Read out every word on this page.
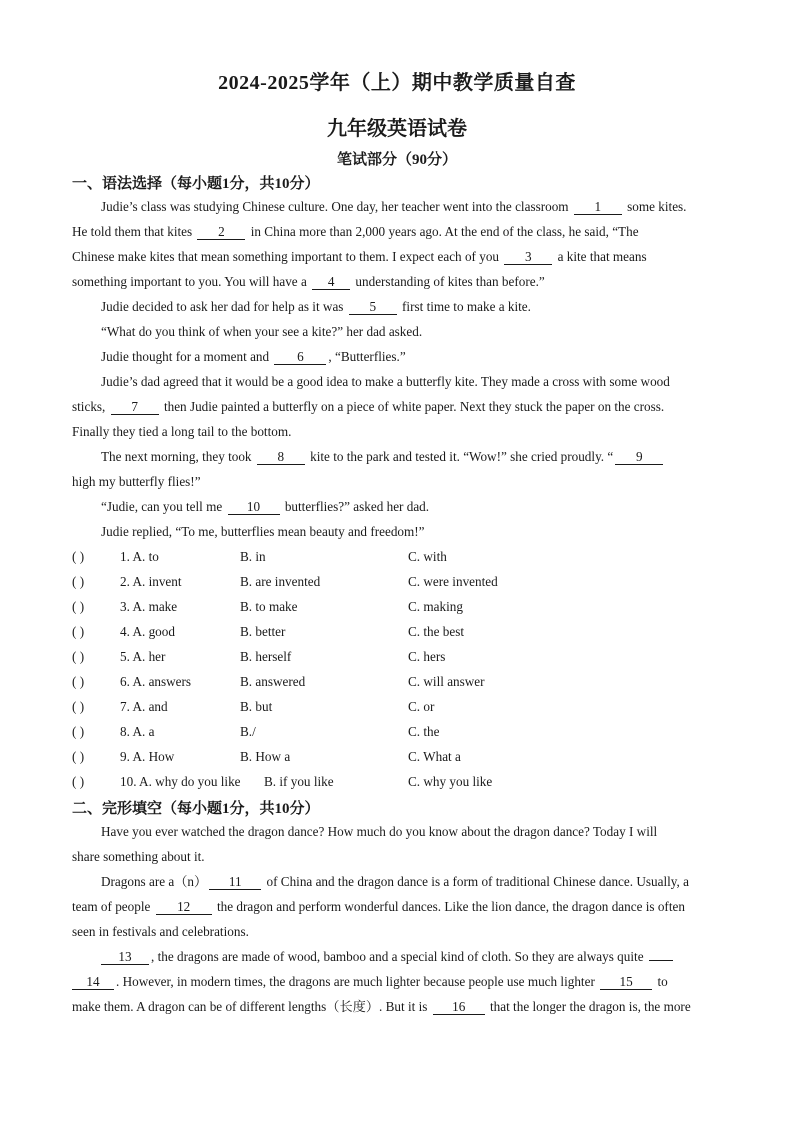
2024-2025学年（上）期中教学质量自查
九年级英语试卷
笔试部分（90分）
一、语法选择（每小题1分，共10分）
Judie’s class was studying Chinese culture. One day, her teacher went into the classroom 1 some kites.
He told them that kites 2 in China more than 2,000 years ago. At the end of the class, he said, “The
Chinese make kites that mean something important to them. I expect each of you 3 a kite that means
something important to you. You will have a 4 understanding of kites than before.”
Judie decided to ask her dad for help as it was 5 first time to make a kite.
“What do you think of when your see a kite?” her dad asked.
Judie thought for a moment and 6 , “Butterflies.”
Judie’s dad agreed that it would be a good idea to make a butterfly kite. They made a cross with some wood
sticks, 7 then Judie painted a butterfly on a piece of white paper. Next they stuck the paper on the cross.
Finally they tied a long tail to the bottom.
The next morning, they took 8 kite to the park and tested it. “Wow!” she cried proudly. “ 9
high my butterfly flies!”
“Judie, can you tell me 10 butterflies?” asked her dad.
Judie replied, “To me, butterflies mean beauty and freedom!”
( )	1. A. to	B. in	C. with
( )	2. A. invent	B. are invented	C. were invented
( )	3. A. make	B. to make	C. making
( )	4. A. good	B. better	C. the best
( )	5. A. her	B. herself	C. hers
( )	6. A. answers	B. answered	C. will answer
( )	7. A. and	B. but	C. or
( )	8. A. a	B./	C. the
( )	9. A. How	B. How a	C. What a
( )	10. A. why do you like B. if you like	C. why you like
二、完形填空（每小题1分，共10分）
Have you ever watched the dragon dance? How much do you know about the dragon dance? Today I will
share something about it.
Dragons are a（n） 11 of China and the dragon dance is a form of traditional Chinese dance. Usually, a
team of people 12 the dragon and perform wonderful dances. Like the lion dance, the dragon dance is often
seen in festivals and celebrations.
13 , the dragons are made of wood, bamboo and a special kind of cloth. So they are always quite
14 . However, in modern times, the dragons are much lighter because people use much lighter 15 to
make them. A dragon can be of different lengths（长度）. But it is 16 that the longer the dragon is, the more
